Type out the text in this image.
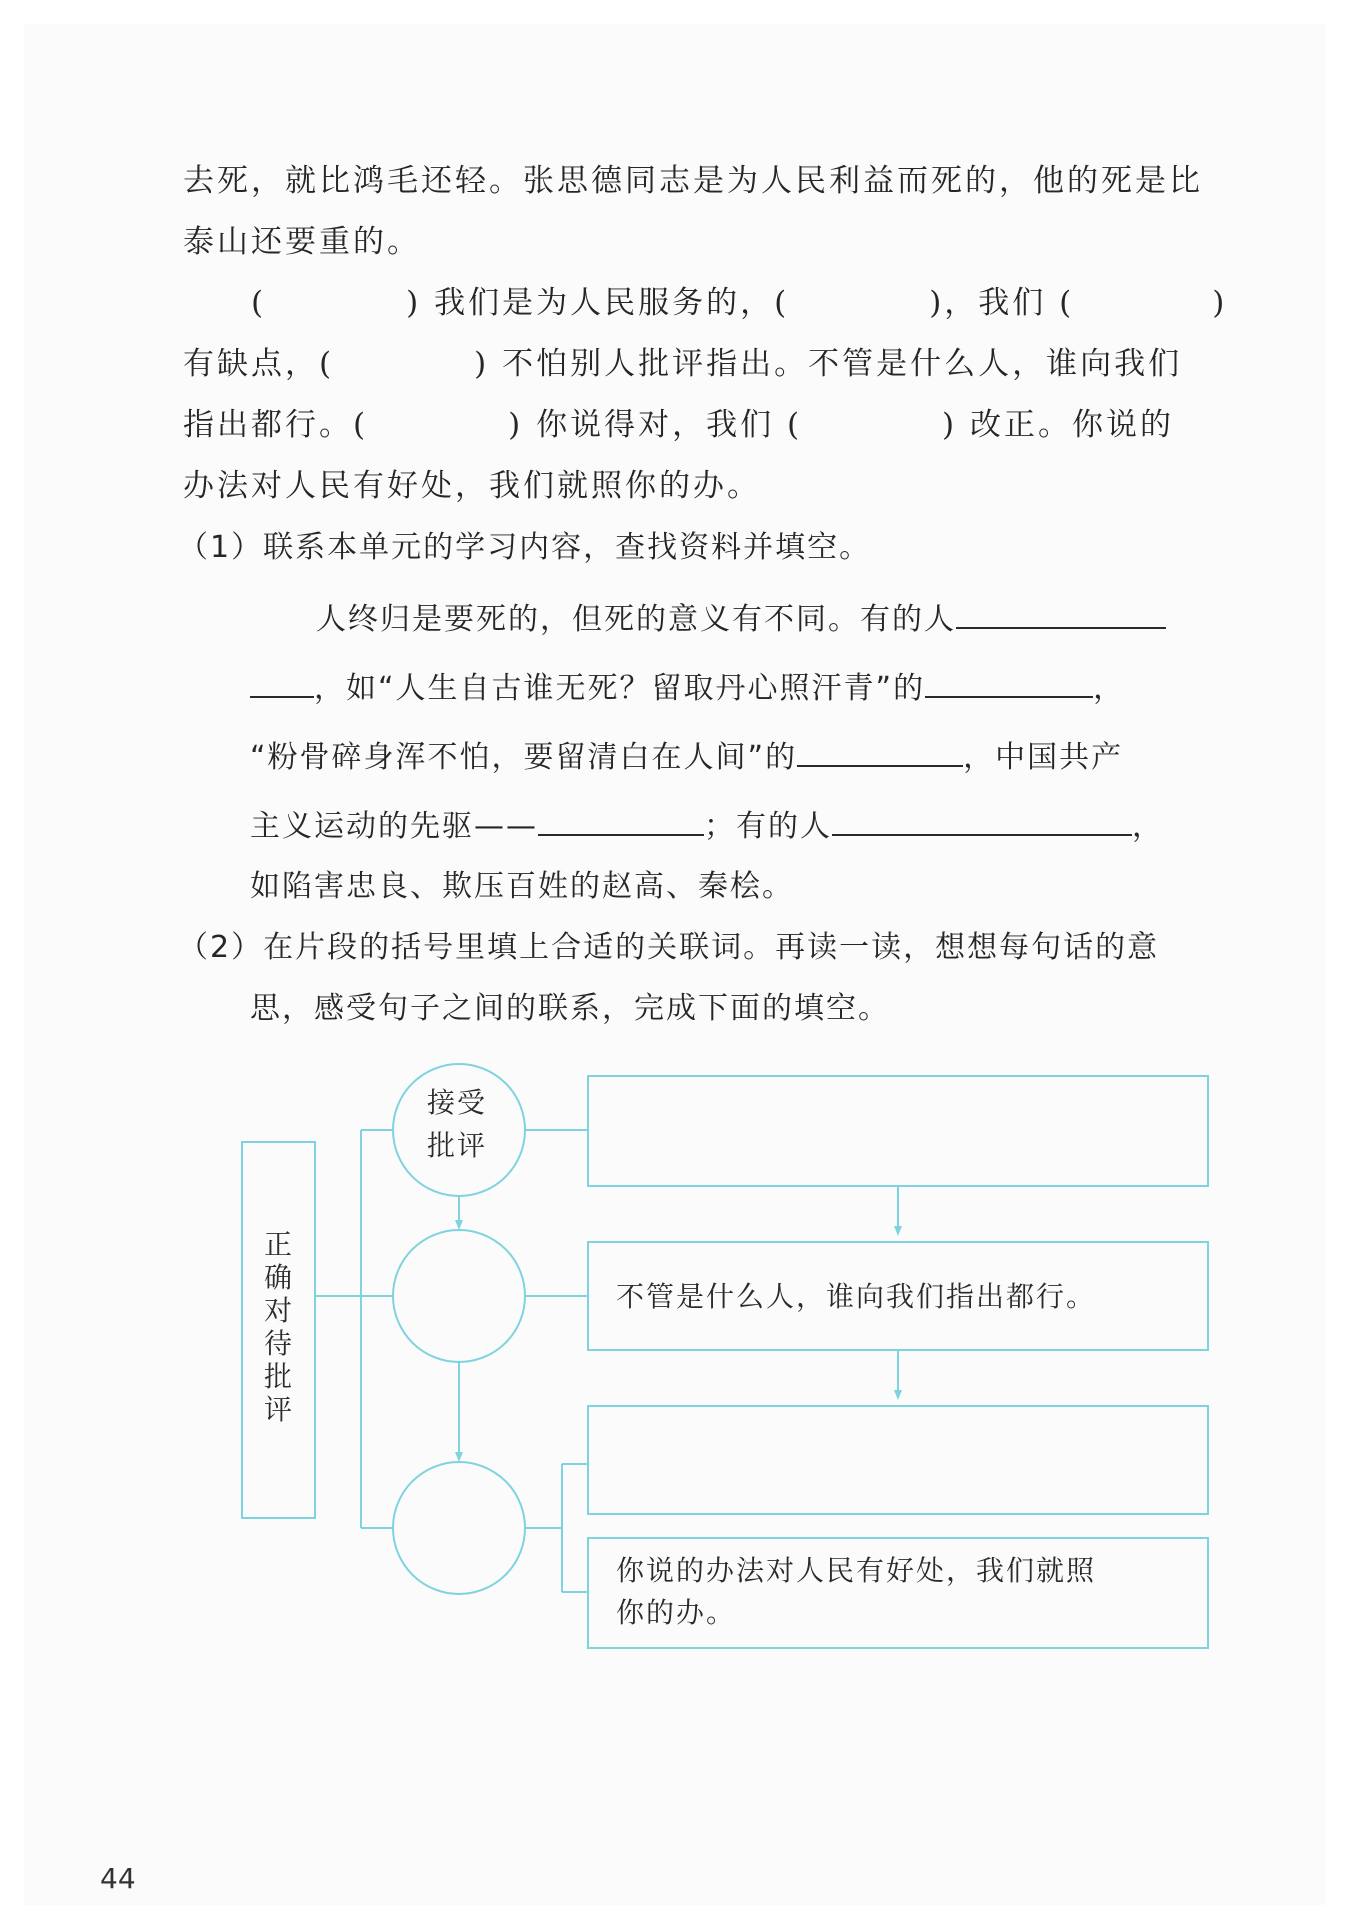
去死，就比鸿毛还轻。张思德同志是为人民利益而死的，他的死是比
泰山还要重的。
(	) 我们是为人民服务的，(	)，我们 (	)
有缺点，(	) 不怕别人批评指出。不管是什么人，谁向我们
指出都行。(	) 你说得对，我们 (	) 改正。你说的
办法对人民有好处，我们就照你的办。
（1）联系本单元的学习内容，查找资料并填空。
人终归是要死的，但死的意义有不同。有的人
，如“人生自古谁无死？留取丹心照汗青”的	，
“粉骨碎身浑不怕，要留清白在人间”的	，中国共产
主义运动的先驱——	；有的人	，
如陷害忠良、欺压百姓的赵高、秦桧。
（2）在片段的括号里填上合适的关联词。再读一读，想想每句话的意
思，感受句子之间的联系，完成下面的填空。
正确对待批评
接受
批评
不管是什么人，谁向我们指出都行。
你说的办法对人民有好处，我们就照
你的办。
44
